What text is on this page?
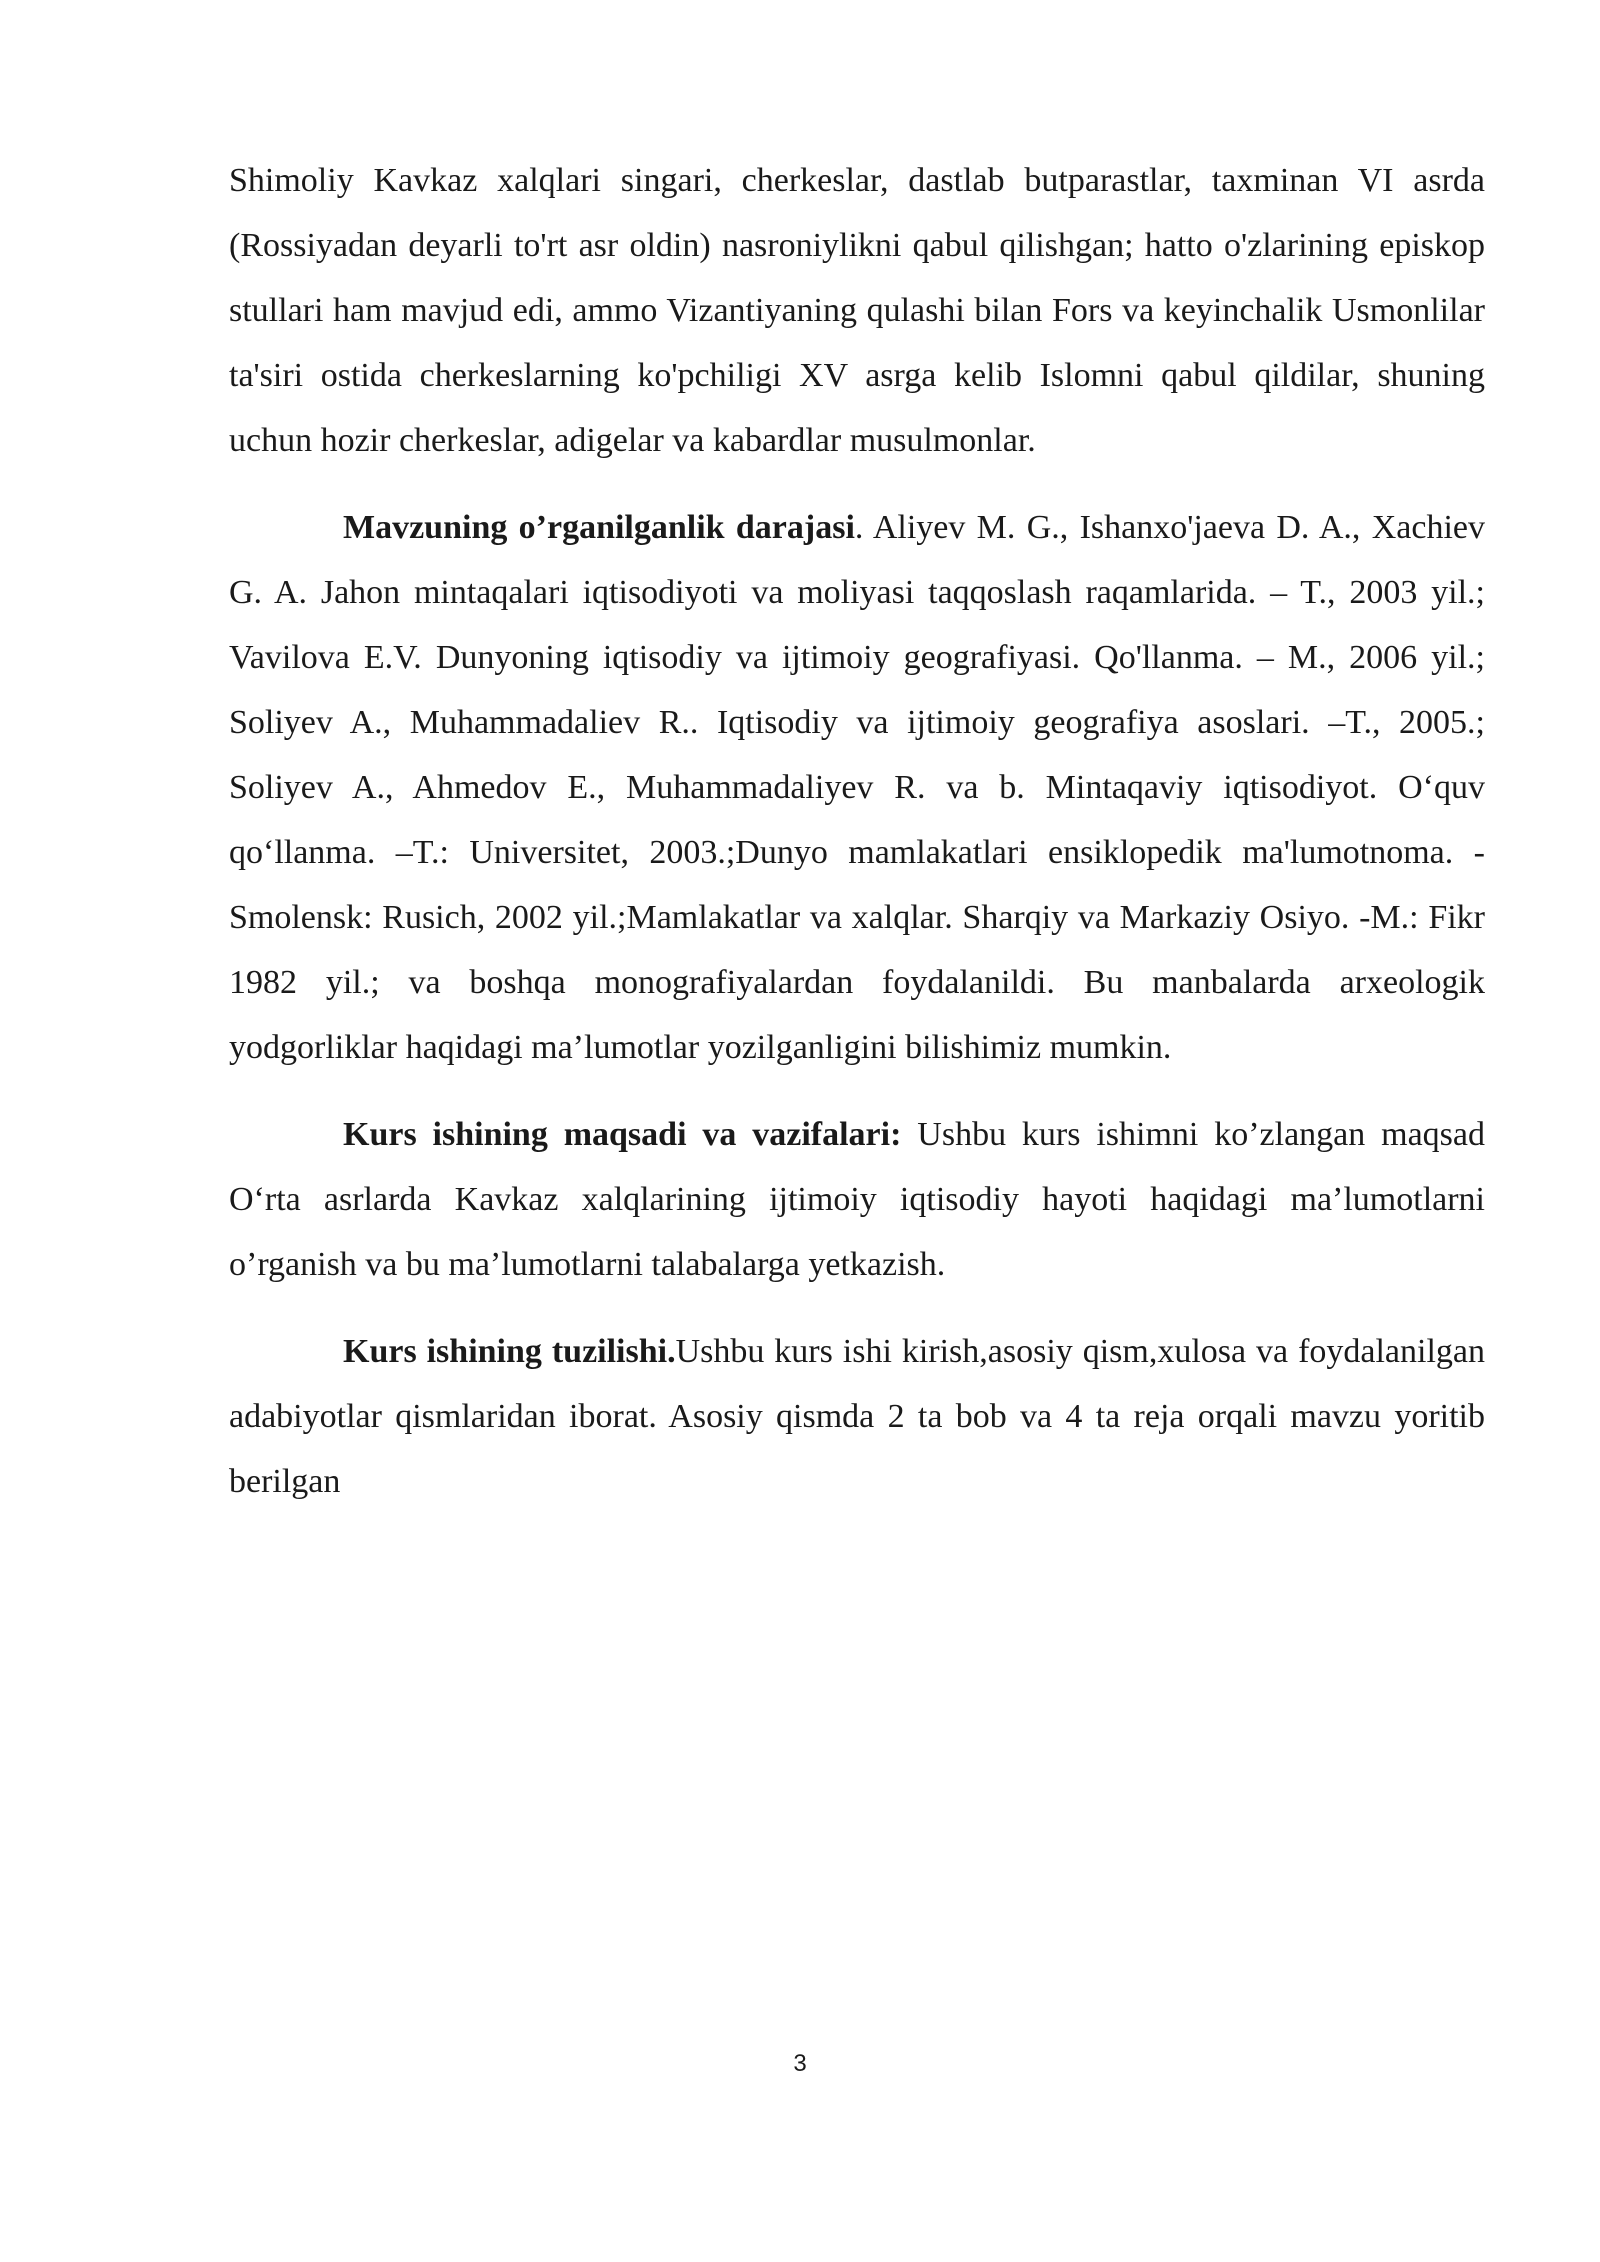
Shimoliy Kavkaz xalqlari singari, cherkeslar, dastlab butparastlar, taxminan VI asrda (Rossiyadan deyarli to'rt asr oldin) nasroniylikni qabul qilishgan; hatto o'zlarining episkop stullari ham mavjud edi, ammo Vizantiyaning qulashi bilan Fors va keyinchalik Usmonlilar ta'siri ostida cherkeslarning ko'pchiligi XV asrga kelib Islomni qabul qildilar, shuning uchun hozir cherkeslar, adigelar va kabardlar musulmonlar.

Mavzuning o’rganilganlik darajasi. Aliyev M. G., Ishanxo'jaeva D. A., Xachiev G. A. Jahon mintaqalari iqtisodiyoti va moliyasi taqqoslash raqamlarida. – T., 2003 yil.; Vavilova E.V. Dunyoning iqtisodiy va ijtimoiy geografiyasi. Qo'llanma. – M., 2006 yil.; Soliyev A., Muhammadaliev R.. Iqtisodiy va ijtimoiy geografiya asoslari. –T., 2005.; Soliyev A., Ahmedov E., Muhammadaliyev R. va b. Mintaqaviy iqtisodiyot. O‘quv qo‘llanma. –T.: Universitet, 2003.;Dunyo mamlakatlari ensiklopedik ma'lumotnoma. - Smolensk: Rusich, 2002 yil.;Mamlakatlar va xalqlar. Sharqiy va Markaziy Osiyo. -M.: Fikr 1982 yil.; va boshqa monografiyalardan foydalanildi. Bu manbalarda arxeologik yodgorliklar haqidagi ma’lumotlar yozilganligini bilishimiz mumkin.

Kurs ishining maqsadi va vazifalari: Ushbu kurs ishimni ko’zlangan maqsad O‘rta asrlarda Kavkaz xalqlarining ijtimoiy iqtisodiy hayoti haqidagi ma’lumotlarni o’rganish va bu ma’lumotlarni talabalarga yetkazish.

Kurs ishining tuzilishi.Ushbu kurs ishi kirish,asosiy qism,xulosa va foydalanilgan adabiyotlar qismlaridan iborat. Asosiy qismda 2 ta bob va 4 ta reja orqali mavzu yoritib berilgan

3
